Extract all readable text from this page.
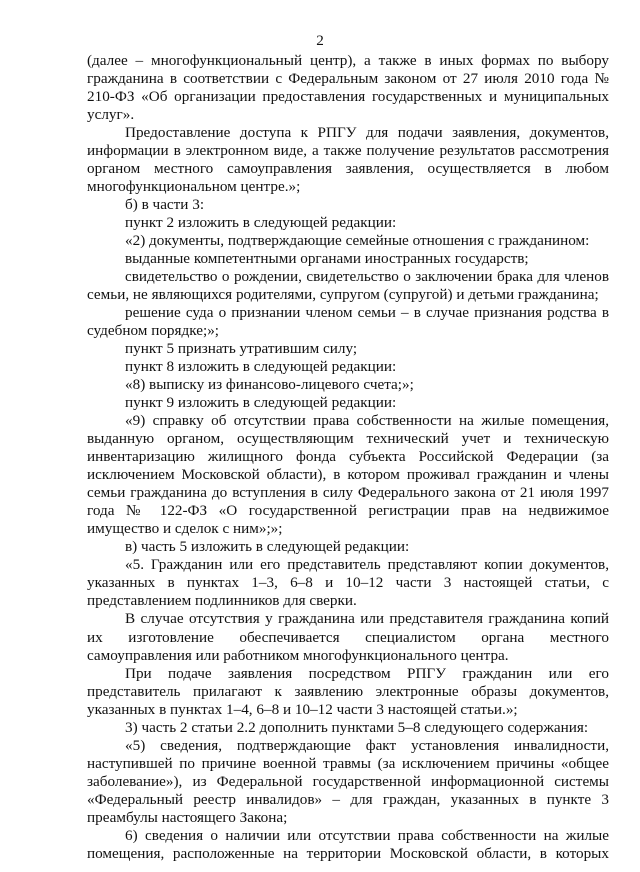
2

(далее – многофункциональный центр), а также в иных формах по выбору гражданина в соответствии с Федеральным законом от 27 июля 2010 года № 210-ФЗ «Об организации предоставления государственных и муниципальных услуг».

Предоставление доступа к РПГУ для подачи заявления, документов, информации в электронном виде, а также получение результатов рассмотрения органом местного самоуправления заявления, осуществляется в любом многофункциональном центре.»;

б) в части 3:

пункт 2 изложить в следующей редакции:

«2) документы, подтверждающие семейные отношения с гражданином:

выданные компетентными органами иностранных государств;

свидетельство о рождении, свидетельство о заключении брака для членов семьи, не являющихся родителями, супругом (супругой) и детьми гражданина;

решение суда о признании членом семьи – в случае признания родства в судебном порядке;»;

пункт 5 признать утратившим силу;

пункт 8 изложить в следующей редакции:

«8) выписку из финансово-лицевого счета;»;

пункт 9 изложить в следующей редакции:

«9) справку об отсутствии права собственности на жилые помещения, выданную органом, осуществляющим технический учет и техническую инвентаризацию жилищного фонда субъекта Российской Федерации (за исключением Московской области), в котором проживал гражданин и члены семьи гражданина до вступления в силу Федерального закона от 21 июля 1997 года № 122-ФЗ «О государственной регистрации прав на недвижимое имущество и сделок с ним»;»;

в) часть 5 изложить в следующей редакции:

«5. Гражданин или его представитель представляют копии документов, указанных в пунктах 1–3, 6–8 и 10–12 части 3 настоящей статьи, с представлением подлинников для сверки.

В случае отсутствия у гражданина или представителя гражданина копий их изготовление обеспечивается специалистом органа местного самоуправления или работником многофункционального центра.

При подаче заявления посредством РПГУ гражданин или его представитель прилагают к заявлению электронные образы документов, указанных в пунктах 1–4, 6–8 и 10–12 части 3 настоящей статьи.»;

3) часть 2 статьи 2.2 дополнить пунктами 5–8 следующего содержания:

«5) сведения, подтверждающие факт установления инвалидности, наступившей по причине военной травмы (за исключением причины «общее заболевание»), из Федеральной государственной информационной системы «Федеральный реестр инвалидов» – для граждан, указанных в пункте 3 преамбулы настоящего Закона;

6) сведения о наличии или отсутствии права собственности на жилые помещения, расположенные на территории Московской области, в которых
